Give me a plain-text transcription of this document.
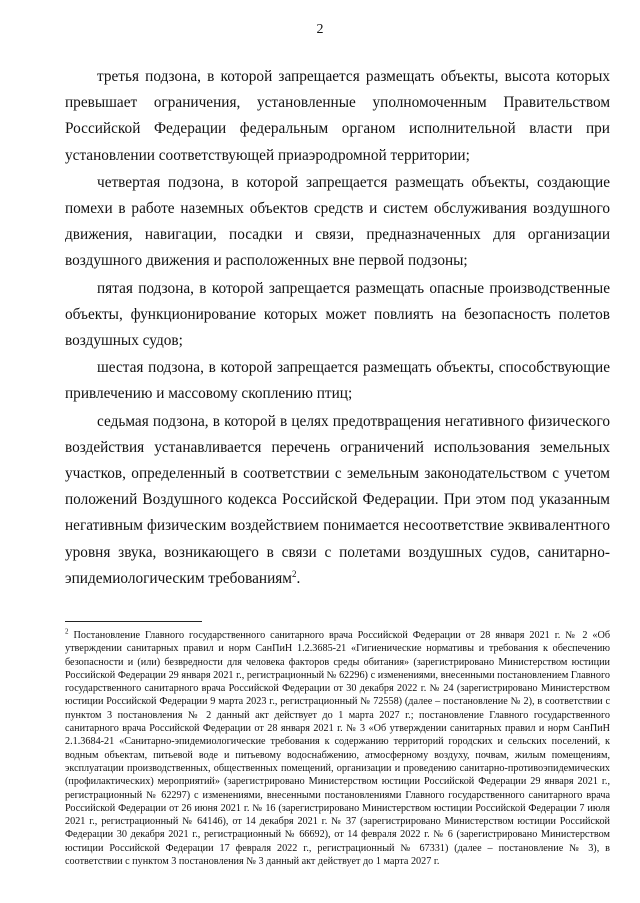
2

третья подзона, в которой запрещается размещать объекты, высота которых превышает ограничения, установленные уполномоченным Правительством Российской Федерации федеральным органом исполнительной власти при установлении соответствующей приаэродромной территории;

четвертая подзона, в которой запрещается размещать объекты, создающие помехи в работе наземных объектов средств и систем обслуживания воздушного движения, навигации, посадки и связи, предназначенных для организации воздушного движения и расположенных вне первой подзоны;

пятая подзона, в которой запрещается размещать опасные производственные объекты, функционирование которых может повлиять на безопасность полетов воздушных судов;

шестая подзона, в которой запрещается размещать объекты, способствующие привлечению и массовому скоплению птиц;

седьмая подзона, в которой в целях предотвращения негативного физического воздействия устанавливается перечень ограничений использования земельных участков, определенный в соответствии с земельным законодательством с учетом положений Воздушного кодекса Российской Федерации. При этом под указанным негативным физическим воздействием понимается несоответствие эквивалентного уровня звука, возникающего в связи с полетами воздушных судов, санитарно-эпидемиологическим требованиям$^2$.

$^2$ Постановление Главного государственного санитарного врача Российской Федерации от 28 января 2021 г. № 2 «Об утверждении санитарных правил и норм СанПиН 1.2.3685-21 «Гигиенические нормативы и требования к обеспечению безопасности и (или) безвредности для человека факторов среды обитания» (зарегистрировано Министерством юстиции Российской Федерации 29 января 2021 г., регистрационный № 62296) с изменениями, внесенными постановлением Главного государственного санитарного врача Российской Федерации от 30 декабря 2022 г. № 24 (зарегистрировано Министерством юстиции Российской Федерации 9 марта 2023 г., регистрационный № 72558) (далее – постановление № 2), в соответствии с пунктом 3 постановления № 2 данный акт действует до 1 марта 2027 г.; постановление Главного государственного санитарного врача Российской Федерации от 28 января 2021 г. № 3 «Об утверждении санитарных правил и норм СанПиН 2.1.3684-21 «Санитарно-эпидемиологические требования к содержанию территорий городских и сельских поселений, к водным объектам, питьевой воде и питьевому водоснабжению, атмосферному воздуху, почвам, жилым помещениям, эксплуатации производственных, общественных помещений, организации и проведению санитарно-противоэпидемических (профилактических) мероприятий» (зарегистрировано Министерством юстиции Российской Федерации 29 января 2021 г., регистрационный № 62297) с изменениями, внесенными постановлениями Главного государственного санитарного врача Российской Федерации от 26 июня 2021 г. № 16 (зарегистрировано Министерством юстиции Российской Федерации 7 июля 2021 г., регистрационный № 64146), от 14 декабря 2021 г. № 37 (зарегистрировано Министерством юстиции Российской Федерации 30 декабря 2021 г., регистрационный № 66692), от 14 февраля 2022 г. № 6 (зарегистрировано Министерством юстиции Российской Федерации 17 февраля 2022 г., регистрационный № 67331) (далее – постановление № 3), в соответствии с пунктом 3 постановления № 3 данный акт действует до 1 марта 2027 г.
